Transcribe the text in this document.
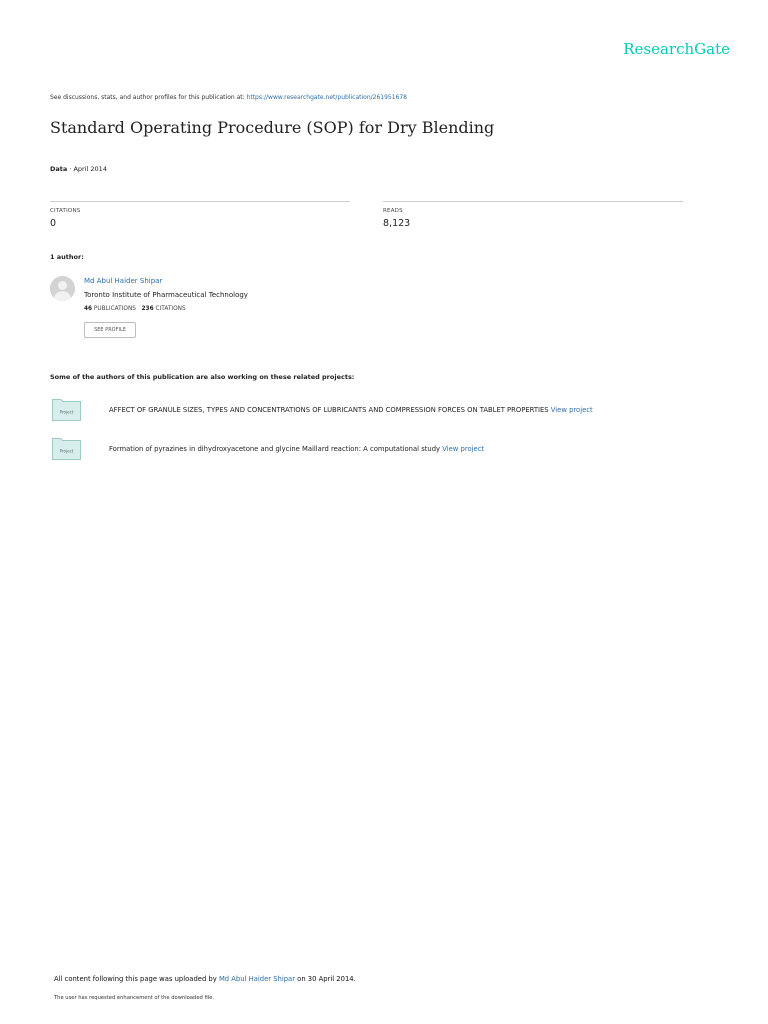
ResearchGate
See discussions, stats, and author profiles for this publication at: https://www.researchgate.net/publication/261951678
Standard Operating Procedure (SOP) for Dry Blending
Data · April 2014
CITATIONS
0
READS
8,123
1 author:
Md Abul Haider Shipar
Toronto Institute of Pharmaceutical Technology
46 PUBLICATIONS 236 CITATIONS
SEE PROFILE
Some of the authors of this publication are also working on these related projects:
Project	AFFECT OF GRANULE SIZES, TYPES AND CONCENTRATIONS OF LUBRICANTS AND COMPRESSION FORCES ON TABLET PROPERTIES View project
Project	Formation of pyrazines in dihydroxyacetone and glycine Maillard reaction: A computational study View project
All content following this page was uploaded by Md Abul Haider Shipar on 30 April 2014.
The user has requested enhancement of the downloaded file.
